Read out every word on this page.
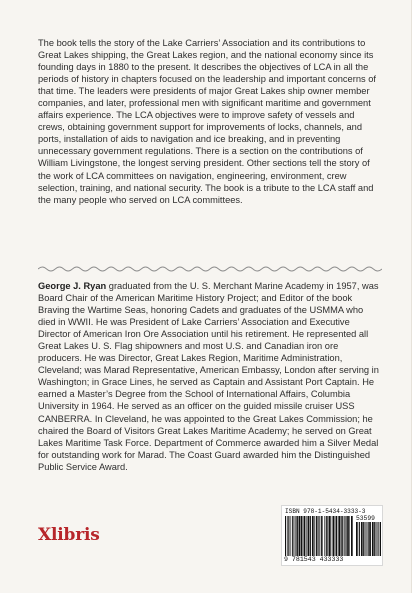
The book tells the story of the Lake Carriers’ Association and its contributions to Great Lakes shipping, the Great Lakes region, and the national economy since its founding days in 1880 to the present. It describes the objectives of LCA in all the periods of history in chapters focused on the leadership and important concerns of that time. The leaders were presidents of major Great Lakes ship owner member companies, and later, professional men with significant maritime and government affairs experience. The LCA objectives were to improve safety of vessels and crews, obtaining government support for improvements of locks, channels, and ports, installation of aids to navigation and ice breaking, and in preventing unnecessary government regulations. There is a section on the contributions of William Livingstone, the longest serving president. Other sections tell the story of the work of LCA committees on navigation, engineering, environment, crew selection, training, and national security. The book is a tribute to the LCA staff and the many people who served on LCA committees.

George J. Ryan graduated from the U. S. Merchant Marine Academy in 1957, was Board Chair of the American Maritime History Project; and Editor of the book Braving the Wartime Seas, honoring Cadets and graduates of the USMMA who died in WWII. He was President of Lake Carriers’ Association and Executive Director of American Iron Ore Association until his retirement. He represented all Great Lakes U. S. Flag shipowners and most U.S. and Canadian iron ore producers. He was Director, Great Lakes Region, Maritime Administration, Cleveland; was Marad Representative, American Embassy, London after serving in Washington; in Grace Lines, he served as Captain and Assistant Port Captain. He earned a Master’s Degree from the School of International Affairs, Columbia University in 1964. He served as an officer on the guided missile cruiser USS CANBERRA. In Cleveland, he was appointed to the Great Lakes Commission; he chaired the Board of Visitors Great Lakes Maritime Academy; he served on Great Lakes Maritime Task Force. Department of Commerce awarded him a Silver Medal for outstanding work for Marad. The Coast Guard awarded him the Distinguished Public Service Award.

Xlibris
ISBN 978-1-5434-3333-3
53599
9 781543 433333
